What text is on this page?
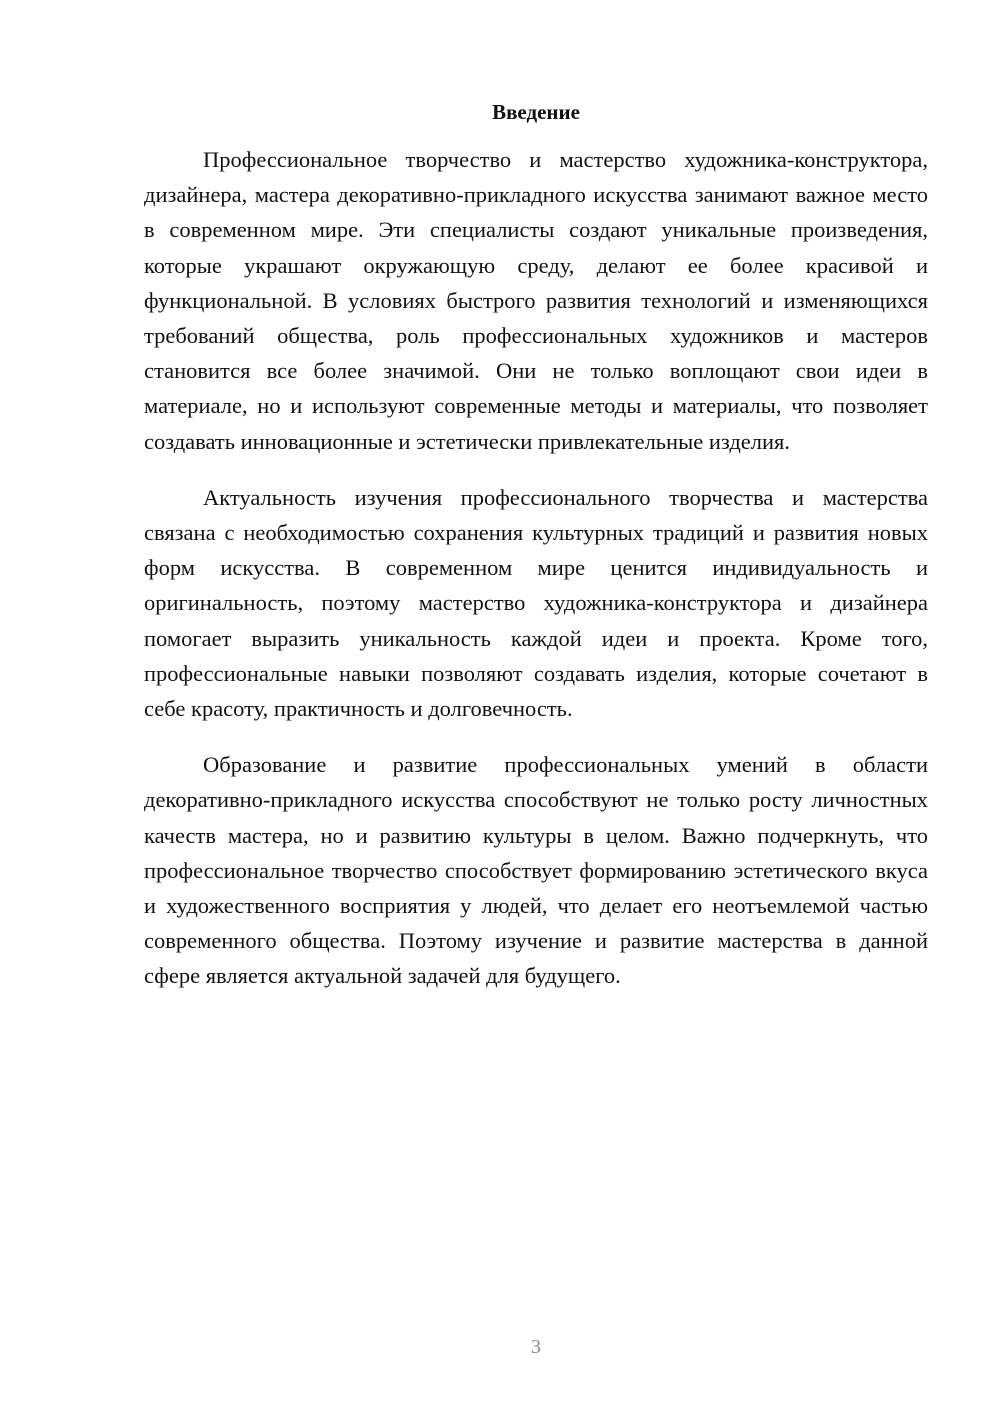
Введение

Профессиональное творчество и мастерство художника-конструктора, дизайнера, мастера декоративно-прикладного искусства занимают важное место в современном мире. Эти специалисты создают уникальные произведения, которые украшают окружающую среду, делают ее более красивой и функциональной. В условиях быстрого развития технологий и изменяющихся требований общества, роль профессиональных художников и мастеров становится все более значимой. Они не только воплощают свои идеи в материале, но и используют современные методы и материалы, что позволяет создавать инновационные и эстетически привлекательные изделия.

Актуальность изучения профессионального творчества и мастерства связана с необходимостью сохранения культурных традиций и развития новых форм искусства. В современном мире ценится индивидуальность и оригинальность, поэтому мастерство художника-конструктора и дизайнера помогает выразить уникальность каждой идеи и проекта. Кроме того, профессиональные навыки позволяют создавать изделия, которые сочетают в себе красоту, практичность и долговечность.

Образование и развитие профессиональных умений в области декоративно-прикладного искусства способствуют не только росту личностных качеств мастера, но и развитию культуры в целом. Важно подчеркнуть, что профессиональное творчество способствует формированию эстетического вкуса и художественного восприятия у людей, что делает его неотъемлемой частью современного общества. Поэтому изучение и развитие мастерства в данной сфере является актуальной задачей для будущего.

3
